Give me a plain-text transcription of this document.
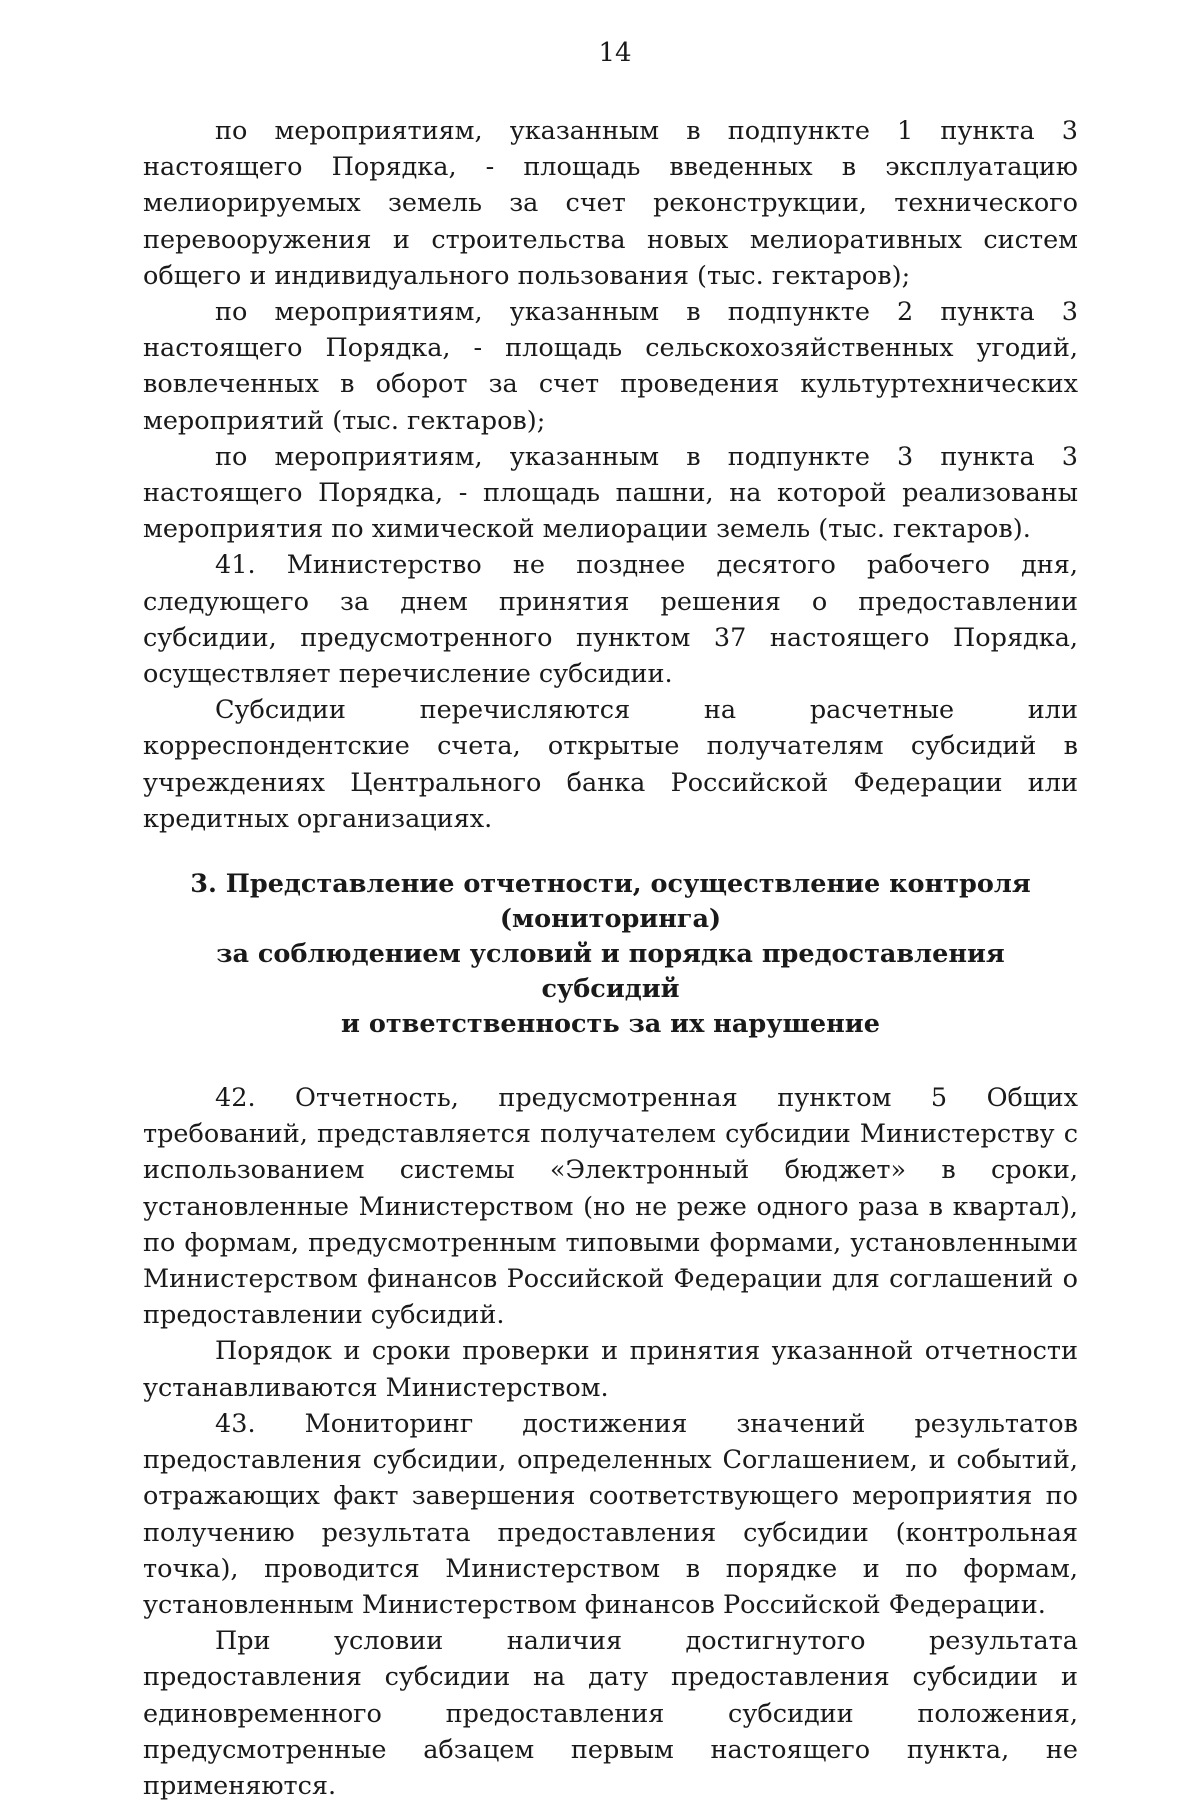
14

по мероприятиям, указанным в подпункте 1 пункта 3 настоящего Порядка, - площадь введенных в эксплуатацию мелиорируемых земель за счет реконструкции, технического перевооружения и строительства новых мелиоративных систем общего и индивидуального пользования (тыс. гектаров);

по мероприятиям, указанным в подпункте 2 пункта 3 настоящего Порядка, - площадь сельскохозяйственных угодий, вовлеченных в оборот за счет проведения культуртехнических мероприятий (тыс. гектаров);

по мероприятиям, указанным в подпункте 3 пункта 3 настоящего Порядка, - площадь пашни, на которой реализованы мероприятия по химической мелиорации земель (тыс. гектаров).

41. Министерство не позднее десятого рабочего дня, следующего за днем принятия решения о предоставлении субсидии, предусмотренного пунктом 37 настоящего Порядка, осуществляет перечисление субсидии.

Субсидии перечисляются на расчетные или корреспондентские счета, открытые получателям субсидий в учреждениях Центрального банка Российской Федерации или кредитных организациях.

3. Представление отчетности, осуществление контроля (мониторинга)
за соблюдением условий и порядка предоставления субсидий
и ответственность за их нарушение

42. Отчетность, предусмотренная пунктом 5 Общих требований, представляется получателем субсидии Министерству с использованием системы «Электронный бюджет» в сроки, установленные Министерством (но не реже одного раза в квартал), по формам, предусмотренным типовыми формами, установленными Министерством финансов Российской Федерации для соглашений о предоставлении субсидий.

Порядок и сроки проверки и принятия указанной отчетности устанавливаются Министерством.

43. Мониторинг достижения значений результатов предоставления субсидии, определенных Соглашением, и событий, отражающих факт завершения соответствующего мероприятия по получению результата предоставления субсидии (контрольная точка), проводится Министерством в порядке и по формам, установленным Министерством финансов Российской Федерации.

При условии наличия достигнутого результата предоставления субсидии на дату предоставления субсидии и единовременного предоставления субсидии положения, предусмотренные абзацем первым настоящего пункта, не применяются.
